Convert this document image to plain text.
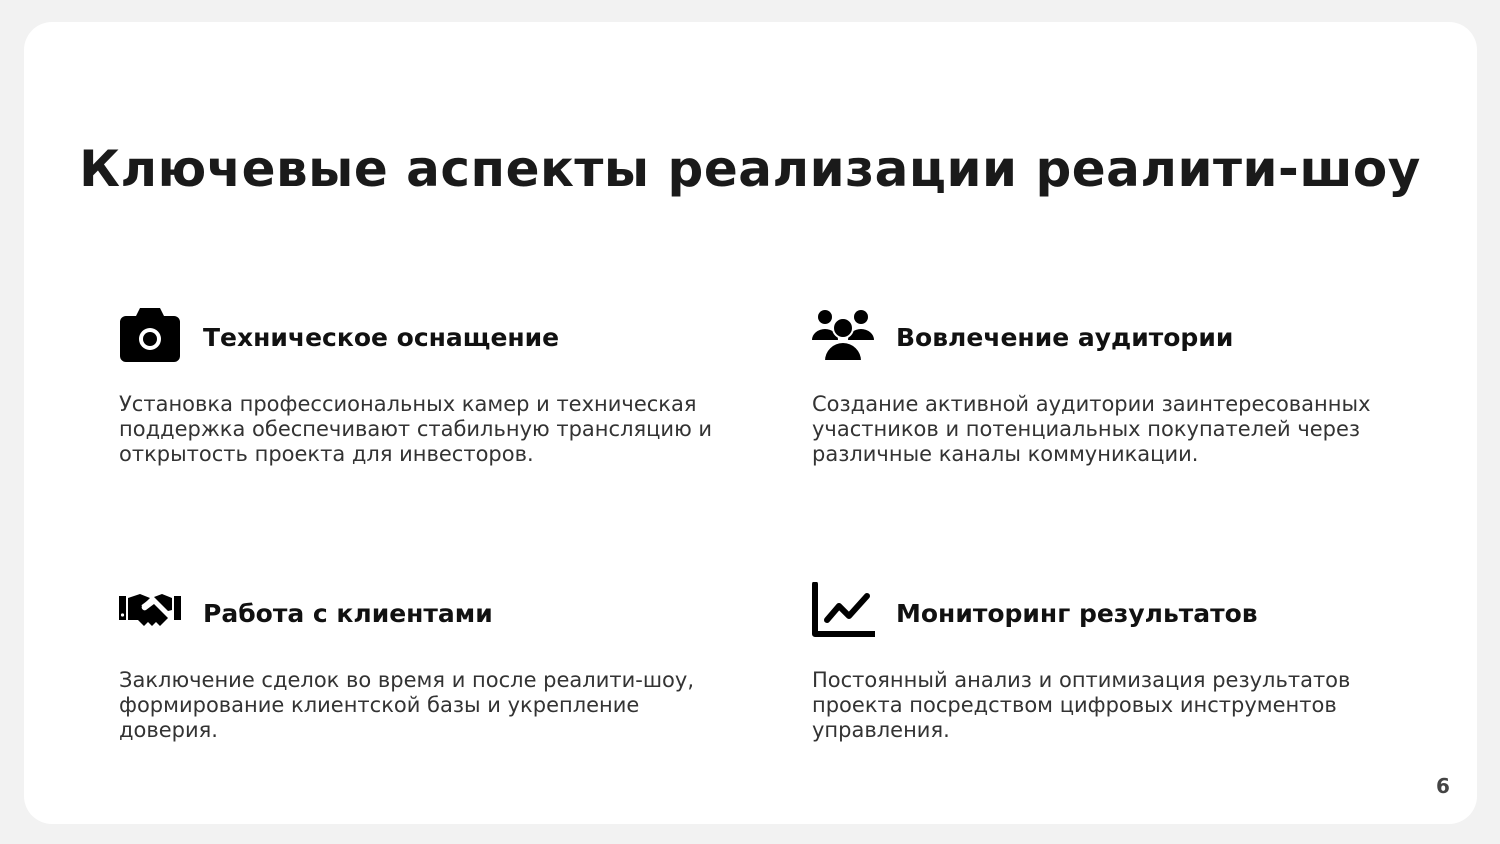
Ключевые аспекты реализации реалити-шоу
Техническое оснащение

Установка профессиональных камер и техническая поддержка обеспечивают стабильную трансляцию и открытость проекта для инвесторов.

Вовлечение аудитории

Создание активной аудитории заинтересованных участников и потенциальных покупателей через различные каналы коммуникации.

Работа с клиентами

Заключение сделок во время и после реалити-шоу, формирование клиентской базы и укрепление доверия.

Мониторинг результатов

Постоянный анализ и оптимизация результатов проекта посредством цифровых инструментов управления.

6
